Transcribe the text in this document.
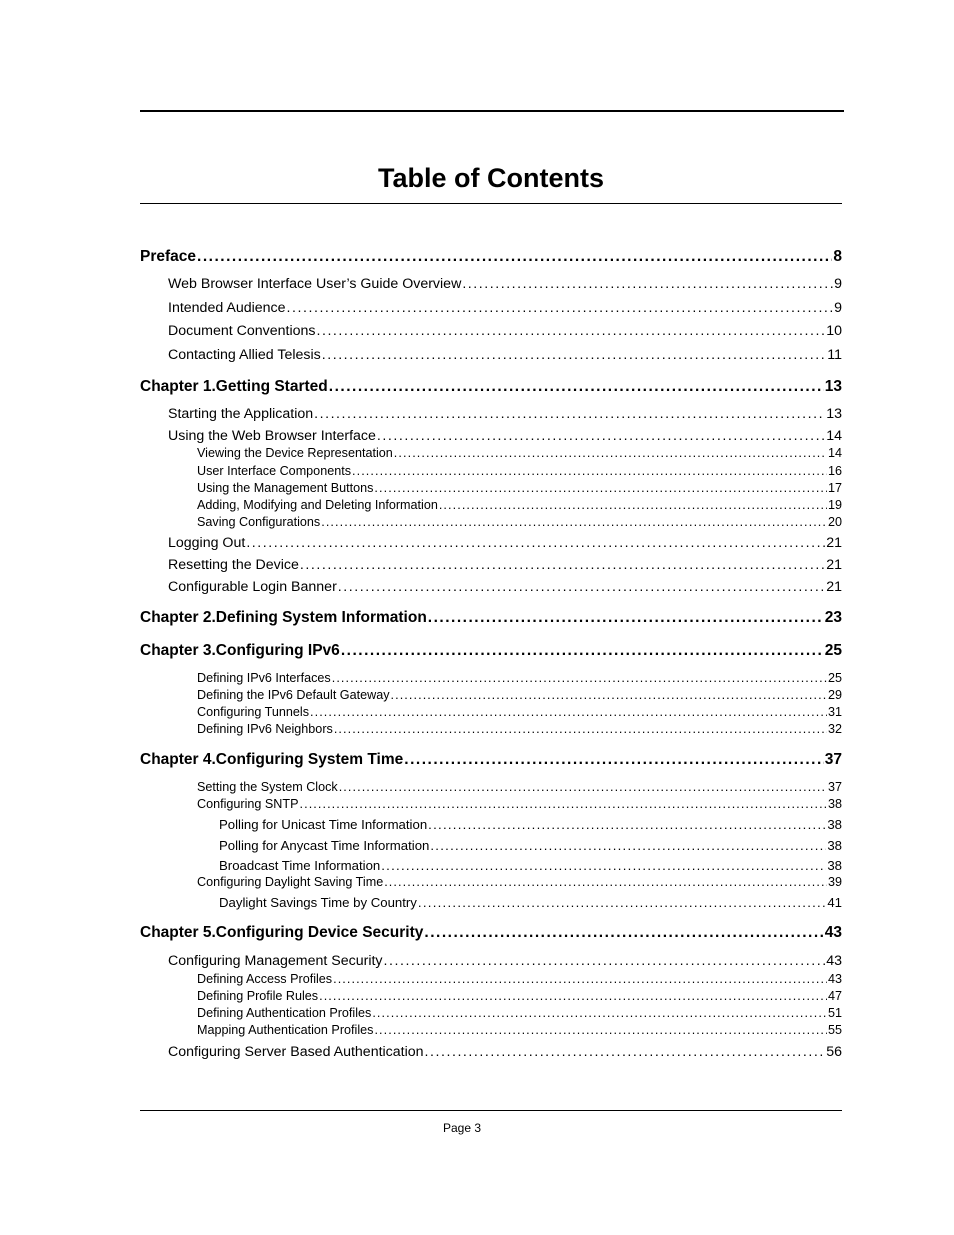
Table of Contents
Preface . . .	8
Web Browser Interface User’s Guide Overview . . .	9
Intended Audience . . .	9
Document Conventions . . .	10
Contacting Allied Telesis . . .	11
Chapter 1.Getting Started . . .	13
Starting the Application . . .	13
Using the Web Browser Interface . . .	14
Viewing the Device Representation . . .	14
User Interface Components . . .	16
Using the Management Buttons . . .	17
Adding, Modifying and Deleting Information . . .	19
Saving Configurations . . .	20
Logging Out . . .	21
Resetting the Device . . .	21
Configurable Login Banner . . .	21
Chapter 2.Defining System Information . . .	23
Chapter 3.Configuring IPv6 . . .	25
Defining IPv6 Interfaces . . .	25
Defining the IPv6 Default Gateway . . .	29
Configuring Tunnels . . .	31
Defining IPv6 Neighbors . . .	32
Chapter 4.Configuring System Time . . .	37
Setting the System Clock . . .	37
Configuring SNTP . . .	38
Polling for Unicast Time Information . . .	38
Polling for Anycast Time Information . . .	38
Broadcast Time Information . . .	38
Configuring Daylight Saving Time . . .	39
Daylight Savings Time by Country . . .	41
Chapter 5.Configuring Device Security . . .	43
Configuring Management Security . . .	43
Defining Access Profiles . . .	43
Defining Profile Rules . . .	47
Defining Authentication Profiles . . .	51
Mapping Authentication Profiles . . .	55
Configuring Server Based Authentication . . .	56
Page 3
